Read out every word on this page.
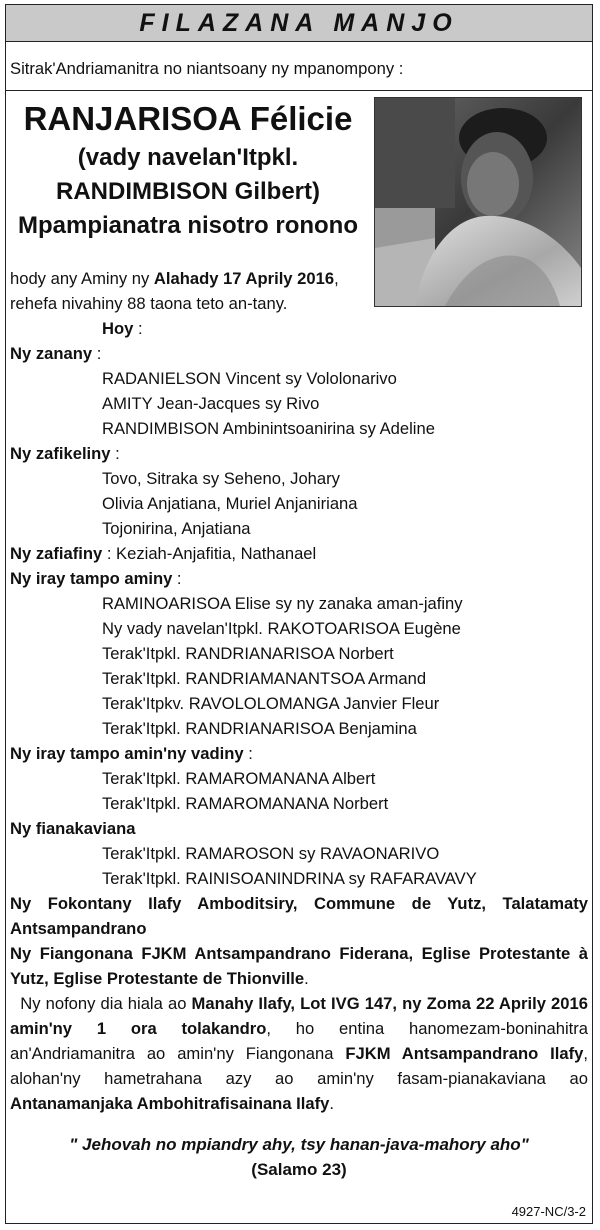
FILAZANA MANJO
Sitrak'Andriamanitra no niantsoany ny mpanompony :
RANJARISOA Félicie
(vady navelan'Itpkl.
RANDIMBISON Gilbert)
Mpampianatra nisotro ronono
hody any Aminy ny Alahady 17 Aprily 2016,
rehefa nivahiny 88 taona teto an-tany.
Hoy :
Ny zanany :
RADANIELSON Vincent sy Vololonarivo
AMITY Jean-Jacques sy Rivo
RANDIMBISON Ambinintsoanirina sy Adeline
Ny zafikeliny :
Tovo, Sitraka sy Seheno, Johary
Olivia Anjatiana, Muriel Anjaniriana
Tojonirina, Anjatiana
Ny zafiafiny : Keziah-Anjafitia, Nathanael
Ny iray tampo aminy :
RAMINOARISOA Elise sy ny zanaka aman-jafiny
Ny vady navelan'Itpkl. RAKOTOARISOA Eugène
Terak'Itpkl. RANDRIANARISOA Norbert
Terak'Itpkl. RANDRIAMANANTSOA Armand
Terak'Itpkv. RAVOLOLOMANGA Janvier Fleur
Terak'Itpkl. RANDRIANARISOA Benjamina
Ny iray tampo amin'ny vadiny :
Terak'Itpkl. RAMAROMANANA Albert
Terak'Itpkl. RAMAROMANANA Norbert
Ny fianakaviana
Terak'Itpkl. RAMAROSON sy RAVAONARIVO
Terak'Itpkl. RAINISOANINDRINA sy RAFARAVAVY
Ny Fokontany Ilafy Amboditsiry, Commune de Yutz, Talatamaty Antsampandrano
Ny Fiangonana FJKM Antsampandrano Fiderana, Eglise Protestante à Yutz, Eglise Protestante de Thionville.
Ny nofony dia hiala ao Manahy Ilafy, Lot IVG 147, ny Zoma 22 Aprily 2016 amin'ny 1 ora tolakandro, ho entina hanomezam-boninahitra an'Andriamanitra ao amin'ny Fiangonana FJKM Antsampandrano Ilafy, alohan'ny hametrahana azy ao amin'ny fasam-pianakaviana ao Antanamanjaka Ambohitrafisainana Ilafy.
" Jehovah no mpiandry ahy, tsy hanan-java-mahory aho"
(Salamo 23)
4927-NC/3-2
